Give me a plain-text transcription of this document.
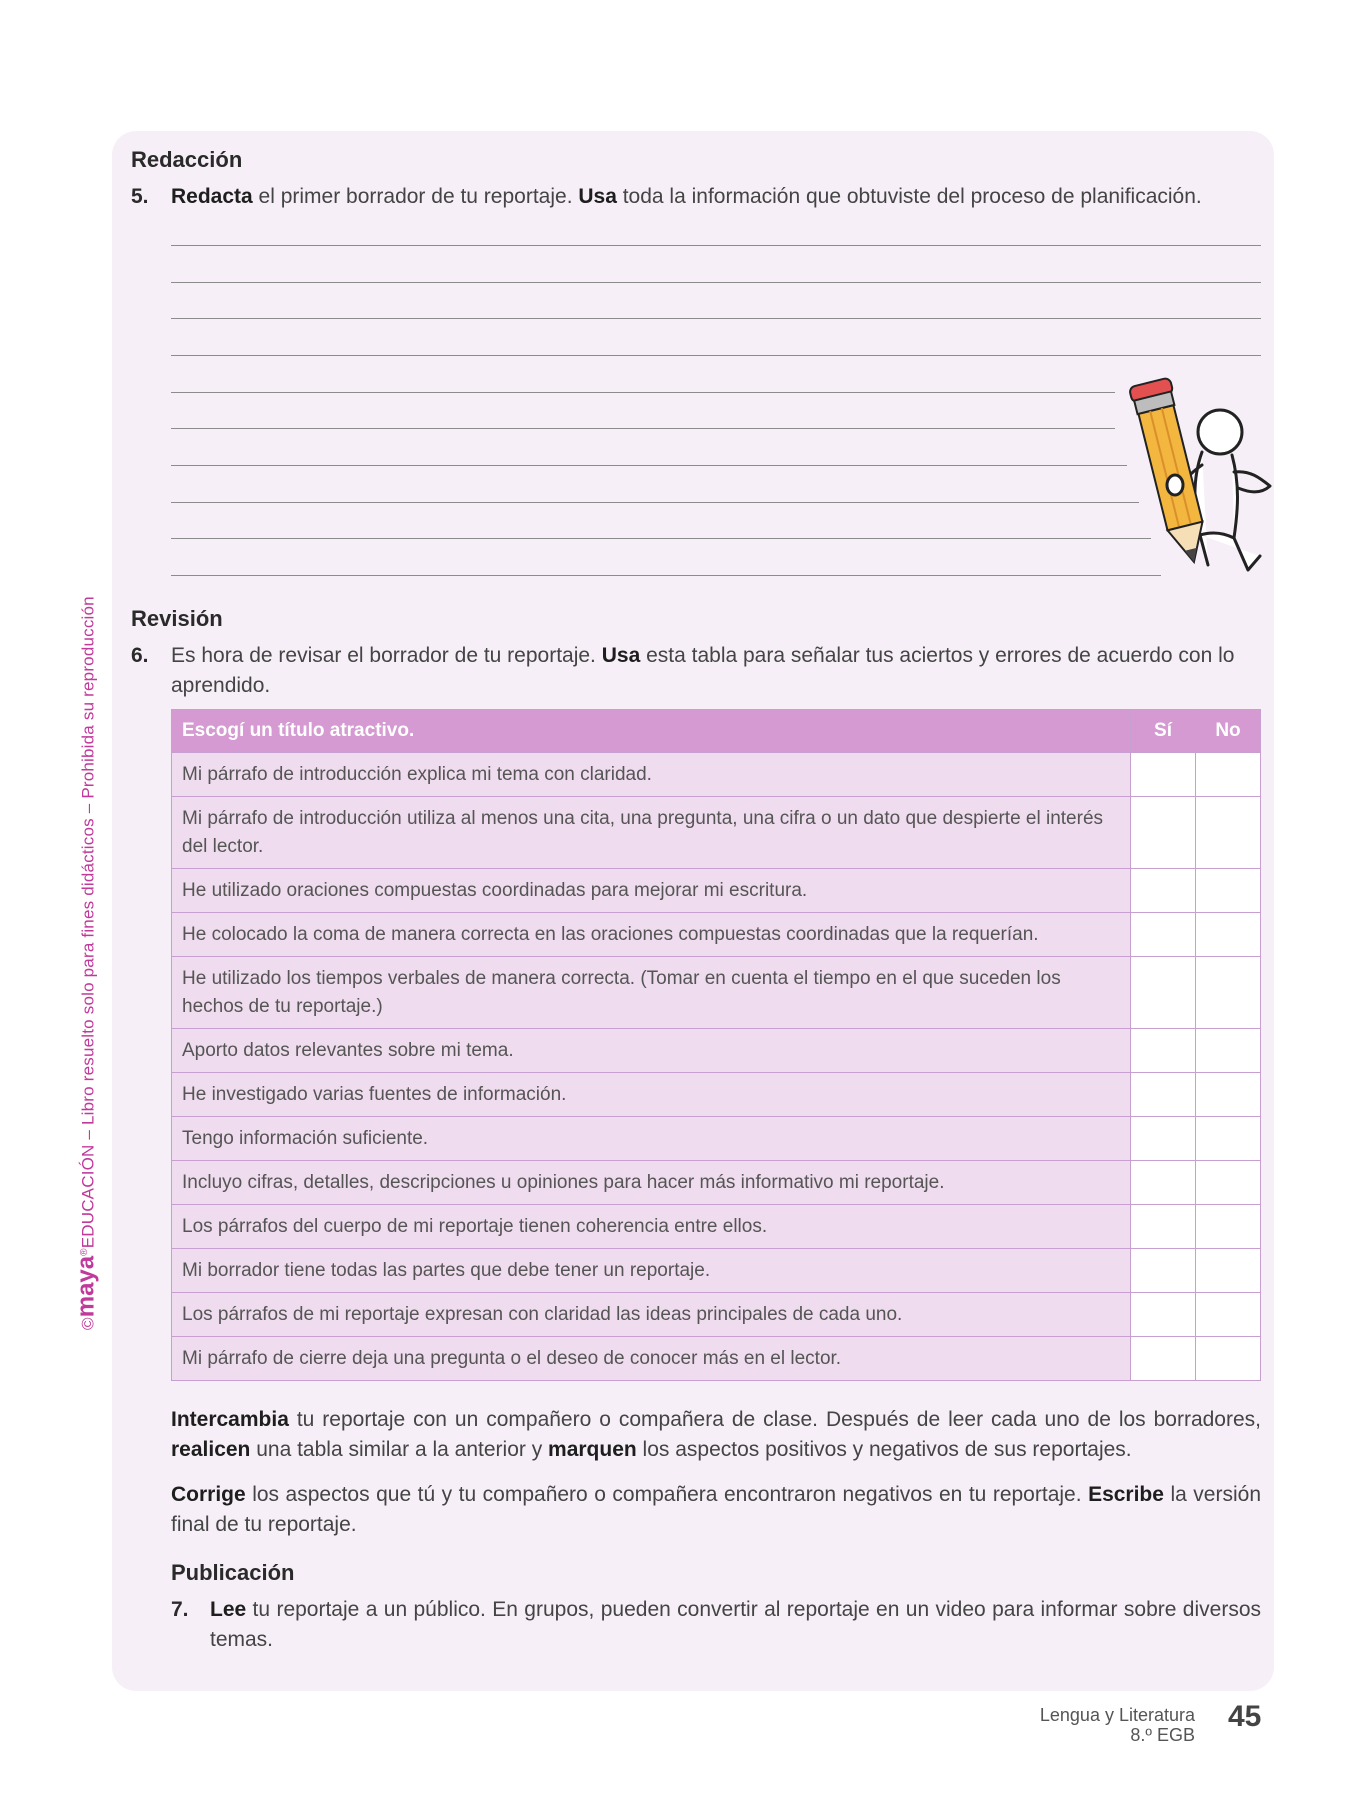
©maya®EDUCACIÓN – Libro resuelto solo para fines didácticos – Prohibida su reproducción
Redacción
5. Redacta el primer borrador de tu reportaje. Usa toda la información que obtuviste del proceso de planificación.
Revisión
6. Es hora de revisar el borrador de tu reportaje. Usa esta tabla para señalar tus aciertos y errores de acuerdo con lo aprendido.
Escogí un título atractivo.	Sí	No
Mi párrafo de introducción explica mi tema con claridad.		
Mi párrafo de introducción utiliza al menos una cita, una pregunta, una cifra o un dato que despierte el interés del lector.		
He utilizado oraciones compuestas coordinadas para mejorar mi escritura.		
He colocado la coma de manera correcta en las oraciones compuestas coordinadas que la requerían.		
He utilizado los tiempos verbales de manera correcta. (Tomar en cuenta el tiempo en el que suceden los hechos de tu reportaje.)		
Aporto datos relevantes sobre mi tema.		
He investigado varias fuentes de información.		
Tengo información suficiente.		
Incluyo cifras, detalles, descripciones u opiniones para hacer más informativo mi reportaje.		
Los párrafos del cuerpo de mi reportaje tienen coherencia entre ellos.		
Mi borrador tiene todas las partes que debe tener un reportaje.		
Los párrafos de mi reportaje expresan con claridad las ideas principales de cada uno.		
Mi párrafo de cierre deja una pregunta o el deseo de conocer más en el lector.		
Intercambia tu reportaje con un compañero o compañera de clase. Después de leer cada uno de los borradores, realicen una tabla similar a la anterior y marquen los aspectos positivos y negativos de sus reportajes.
Corrige los aspectos que tú y tu compañero o compañera encontraron negativos en tu reportaje. Escribe la versión final de tu reportaje.
Publicación
7. Lee tu reportaje a un público. En grupos, pueden convertir al reportaje en un video para informar sobre diversos temas.
Lengua y Literatura
8.º EGB
45
